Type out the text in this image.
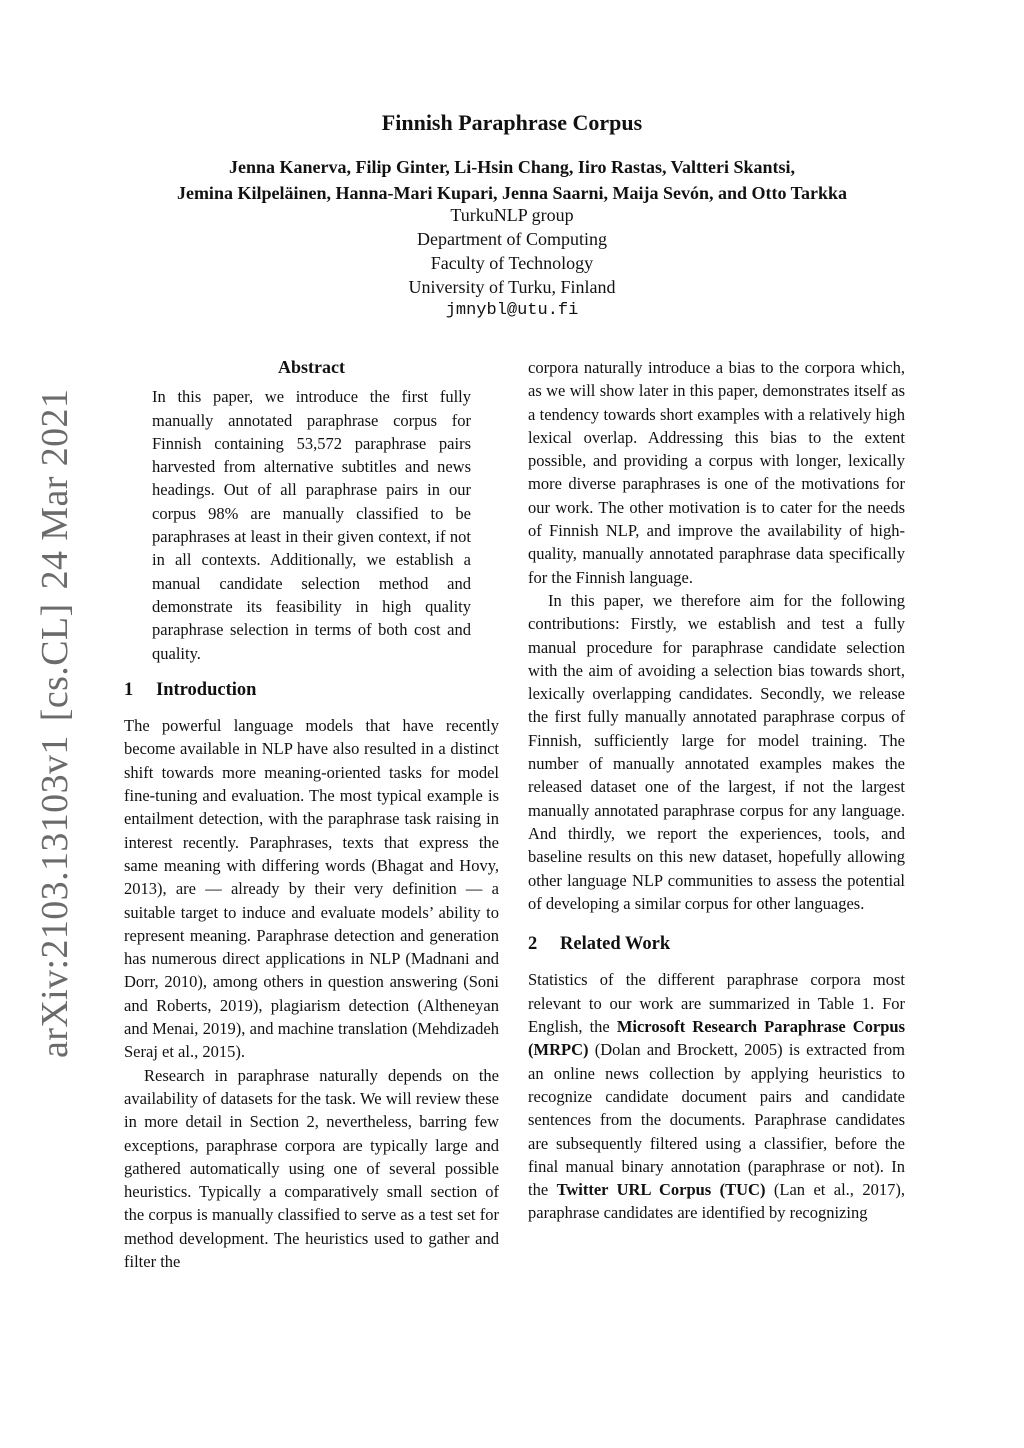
arXiv:2103.13103v1[cs.CL]24 Mar 2021
Finnish Paraphrase Corpus
Jenna Kanerva, Filip Ginter, Li-Hsin Chang, Iiro Rastas, Valtteri Skantsi,
Jemina Kilpeläinen, Hanna-Mari Kupari, Jenna Saarni, Maija Sevón, and Otto Tarkka
TurkuNLP group
Department of Computing
Faculty of Technology
University of Turku, Finland
jmnybl@utu.fi
Abstract

In this paper, we introduce the first fully manually annotated paraphrase corpus for Finnish containing 53,572 paraphrase pairs harvested from alternative subtitles and news headings. Out of all paraphrase pairs in our corpus 98% are manually classified to be paraphrases at least in their given context, if not in all contexts. Additionally, we establish a manual candidate selection method and demonstrate its feasibility in high quality paraphrase selection in terms of both cost and quality.

1 Introduction

The powerful language models that have recently become available in NLP have also resulted in a distinct shift towards more meaning-oriented tasks for model fine-tuning and evaluation. The most typical example is entailment detection, with the paraphrase task raising in interest recently. Paraphrases, texts that express the same meaning with differing words (Bhagat and Hovy, 2013), are — already by their very definition — a suitable target to induce and evaluate models’ ability to represent meaning. Paraphrase detection and generation has numerous direct applications in NLP (Madnani and Dorr, 2010), among others in question answering (Soni and Roberts, 2019), plagiarism detection (Altheneyan and Menai, 2019), and machine translation (Mehdizadeh Seraj et al., 2015).

Research in paraphrase naturally depends on the availability of datasets for the task. We will review these in more detail in Section 2, nevertheless, barring few exceptions, paraphrase corpora are typically large and gathered automatically using one of several possible heuristics. Typically a comparatively small section of the corpus is manually classified to serve as a test set for method development. The heuristics used to gather and filter the

corpora naturally introduce a bias to the corpora which, as we will show later in this paper, demonstrates itself as a tendency towards short examples with a relatively high lexical overlap. Addressing this bias to the extent possible, and providing a corpus with longer, lexically more diverse paraphrases is one of the motivations for our work. The other motivation is to cater for the needs of Finnish NLP, and improve the availability of high-quality, manually annotated paraphrase data specifically for the Finnish language.

In this paper, we therefore aim for the following contributions: Firstly, we establish and test a fully manual procedure for paraphrase candidate selection with the aim of avoiding a selection bias towards short, lexically overlapping candidates. Secondly, we release the first fully manually annotated paraphrase corpus of Finnish, sufficiently large for model training. The number of manually annotated examples makes the released dataset one of the largest, if not the largest manually annotated paraphrase corpus for any language. And thirdly, we report the experiences, tools, and baseline results on this new dataset, hopefully allowing other language NLP communities to assess the potential of developing a similar corpus for other languages.

2 Related Work

Statistics of the different paraphrase corpora most relevant to our work are summarized in Table 1. For English, the Microsoft Research Paraphrase Corpus (MRPC) (Dolan and Brockett, 2005) is extracted from an online news collection by applying heuristics to recognize candidate document pairs and candidate sentences from the documents. Paraphrase candidates are subsequently filtered using a classifier, before the final manual binary annotation (paraphrase or not). In the Twitter URL Corpus (TUC) (Lan et al., 2017), paraphrase candidates are identified by recognizing
